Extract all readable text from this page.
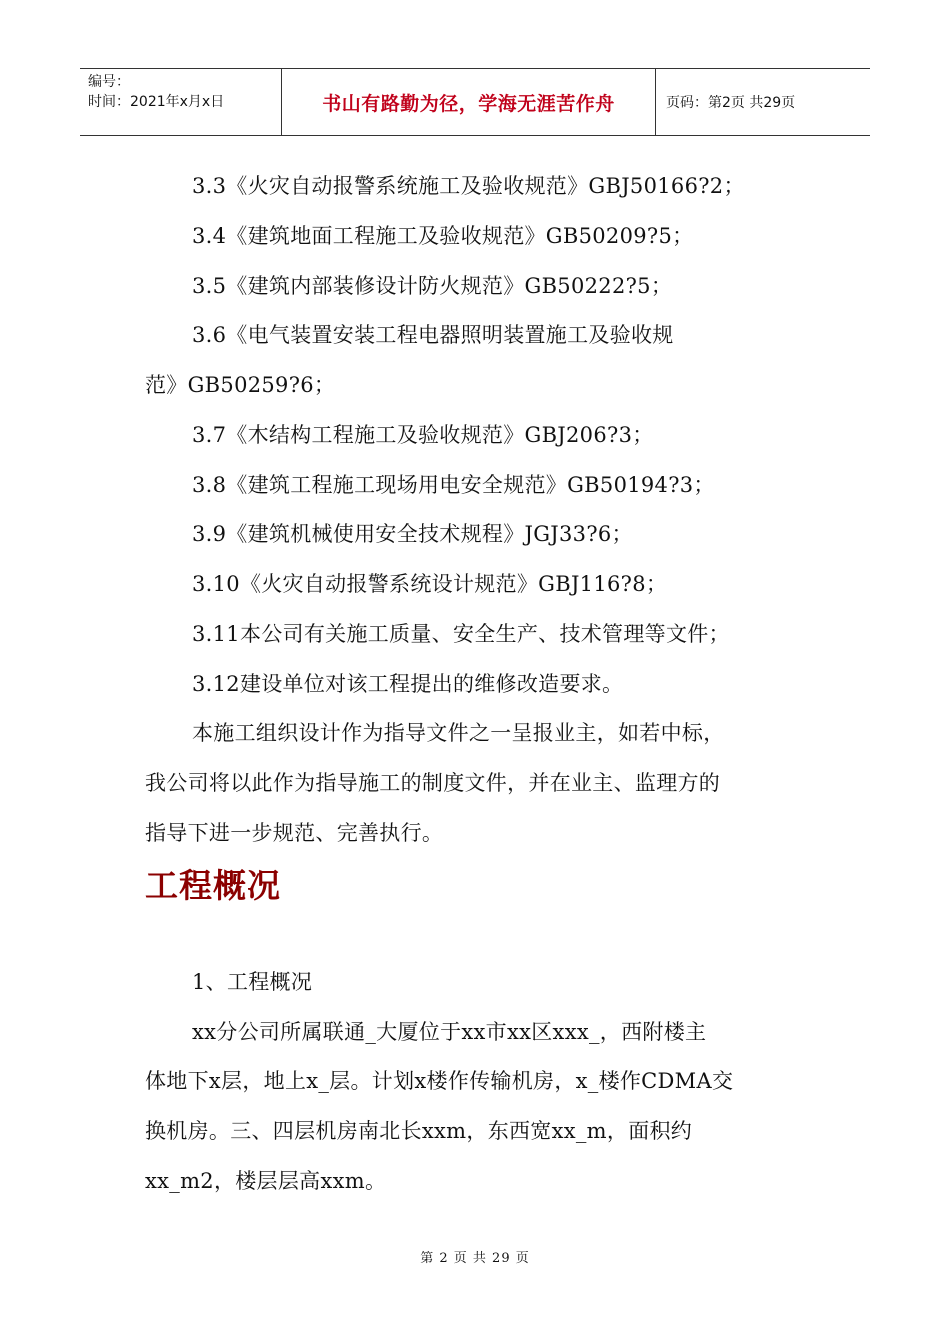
编号：
时间：2021年x月x日	书山有路勤为径，学海无涯苦作舟	页码：第2页 共29页
3.3《火灾自动报警系统施工及验收规范》GBJ50166?2；
3.4《建筑地面工程施工及验收规范》GB50209?5；
3.5《建筑内部装修设计防火规范》GB50222?5；
3.6《电气装置安装工程电器照明装置施工及验收规
范》GB50259?6；
3.7《木结构工程施工及验收规范》GBJ206?3；
3.8《建筑工程施工现场用电安全规范》GB50194?3；
3.9《建筑机械使用安全技术规程》JGJ33?6；
3.10《火灾自动报警系统设计规范》GBJ116?8；
3.11本公司有关施工质量、安全生产、技术管理等文件；
3.12建设单位对该工程提出的维修改造要求。
本施工组织设计作为指导文件之一呈报业主，如若中标，
我公司将以此作为指导施工的制度文件，并在业主、监理方的
指导下进一步规范、完善执行。
工程概况
1、工程概况
xx分公司所属联通_大厦位于xx市xx区xxx_，西附楼主
体地下x层，地上x_层。计划x楼作传输机房，x_楼作CDMA交
换机房。三、四层机房南北长xxm，东西宽xx_m，面积约
xx_m2，楼层层高xxm。
第 2 页 共 29 页
